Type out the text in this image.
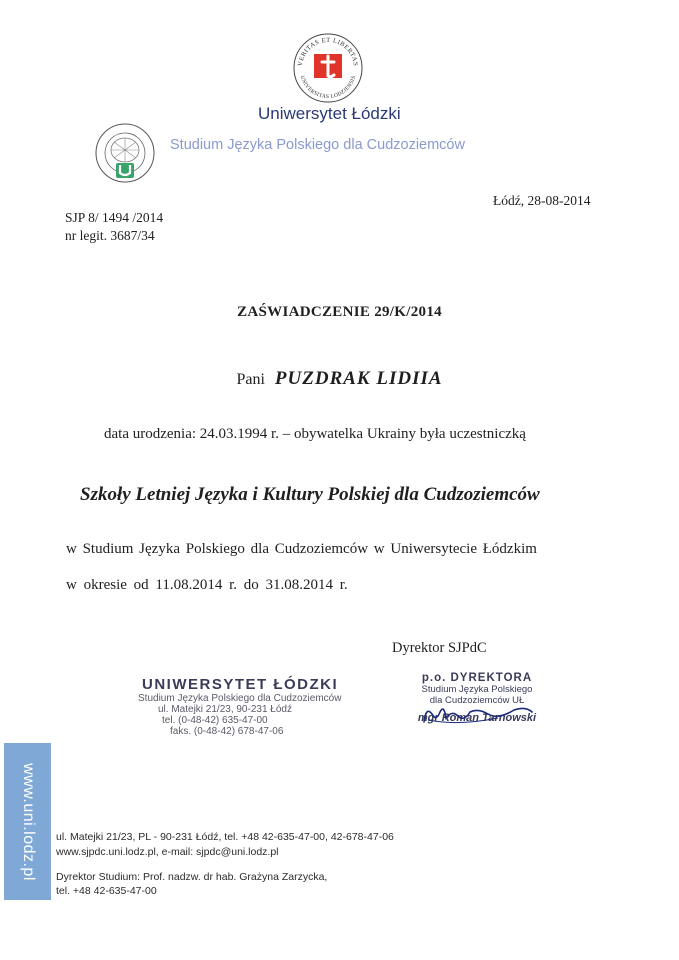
VERITAS ET LIBERTAS
UNIVERSITAS LODZIENSIS
Uniwersytet Łódzki
Studium Języka Polskiego dla Cudzoziemców
Łódź, 28-08-2014
SJP 8/ 1494 /2014
nr legit. 3687/34
ZAŚWIADCZENIE 29/K/2014
Pani PUZDRAK LIDIIA
data urodzenia: 24.03.1994 r. – obywatelka Ukrainy była uczestniczką
Szkoły Letniej Języka i Kultury Polskiej dla Cudzoziemców
w Studium Języka Polskiego dla Cudzoziemców w Uniwersytecie Łódzkim
w okresie od 11.08.2014 r. do 31.08.2014 r.
Dyrektor SJPdC
UNIWERSYTET ŁÓDZKI
Studium Języka Polskiego dla Cudzoziemców
ul. Matejki 21/23, 90-231 Łódź
tel. (0-48-42) 635-47-00
faks. (0-48-42) 678-47-06
p.o. DYREKTORA
Studium Języka Polskiego
dla Cudzoziemców UŁ
mgr Roman Tarnowski
www.uni.lodz.pl ul. Matejki 21/23, PL - 90-231 Łódź, tel. +48 42-635-47-00, 42-678-47-06
www.sjpdc.uni.lodz.pl, e-mail: sjpdc@uni.lodz.pl
Dyrektor Studium: Prof. nadzw. dr hab. Grażyna Zarzycka,
tel. +48 42-635-47-00
